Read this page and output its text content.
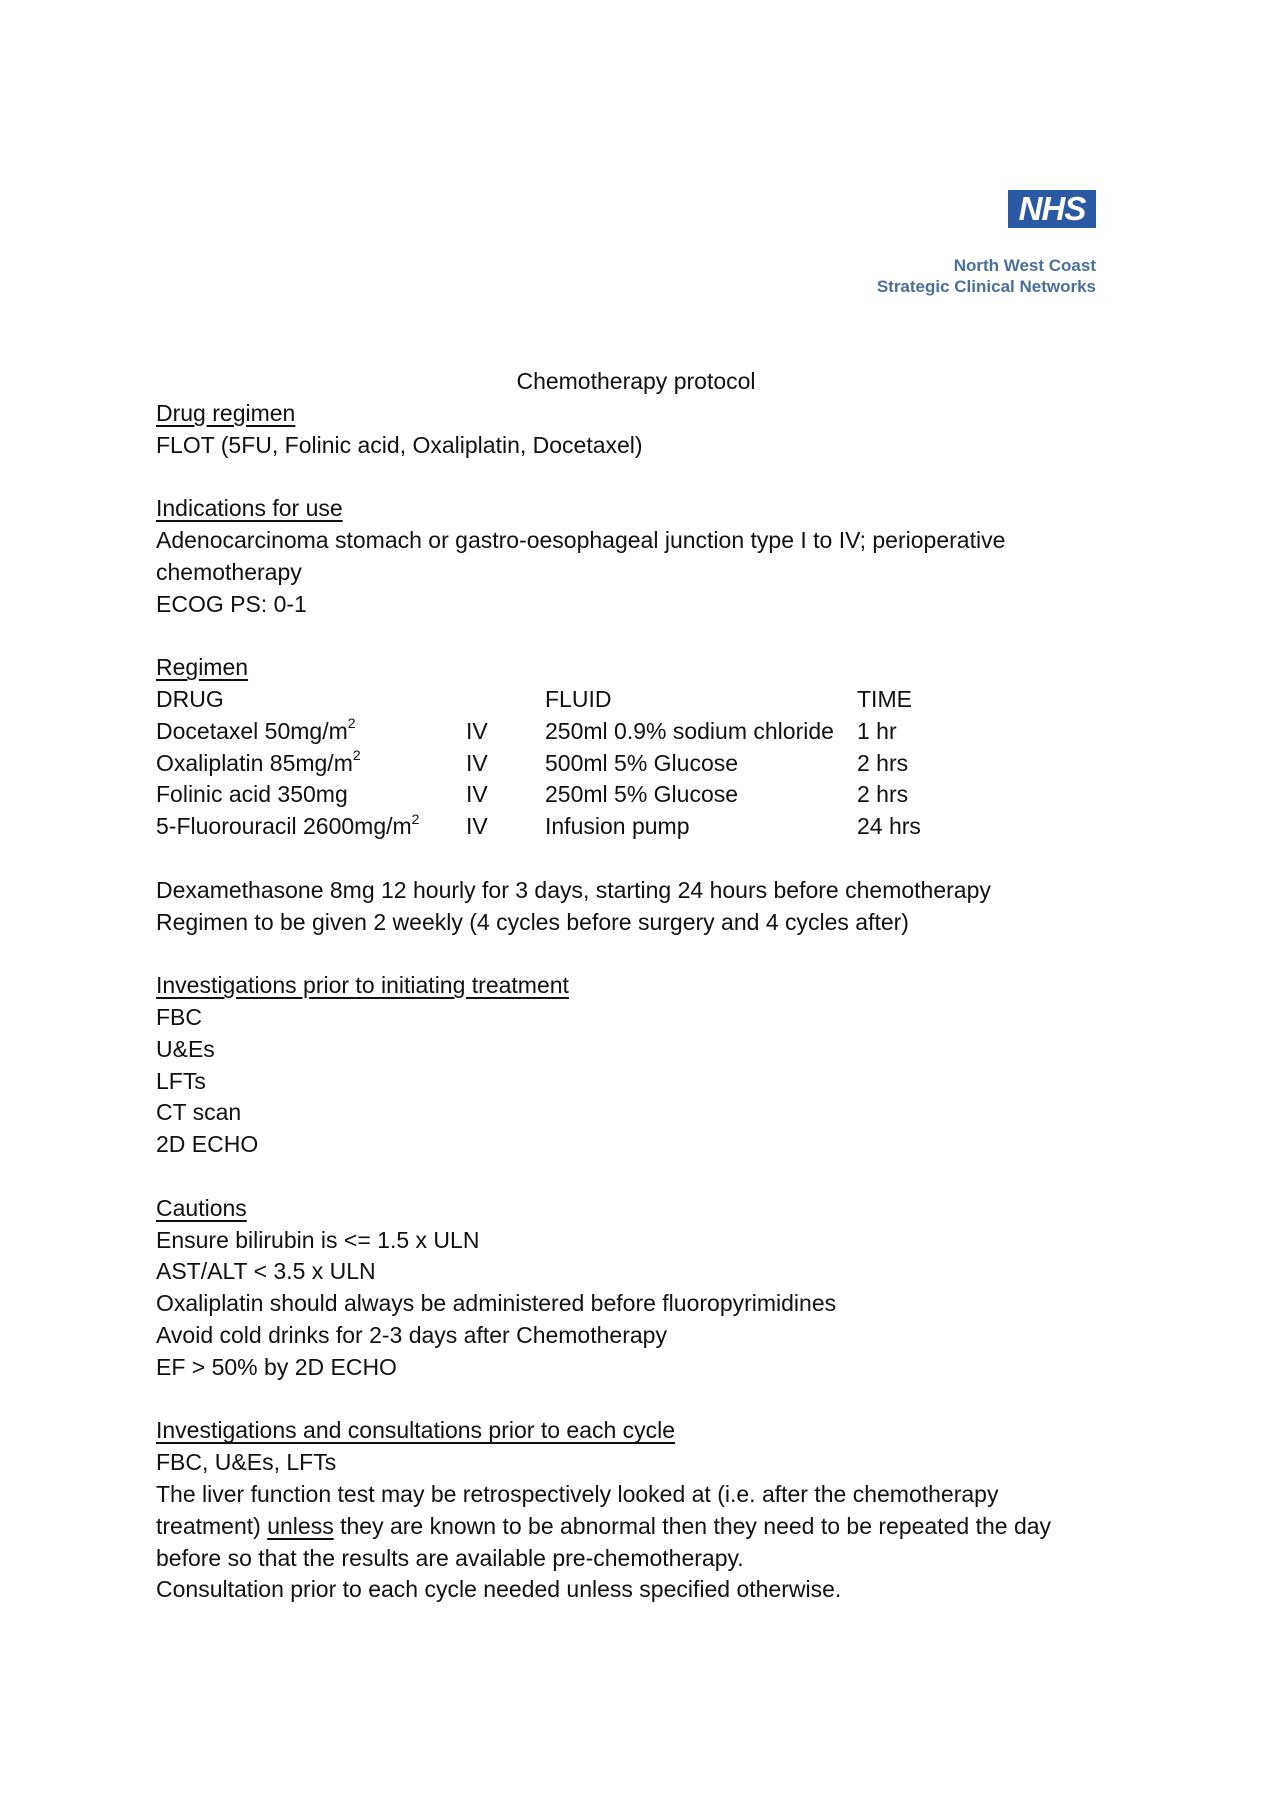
NHS
North West Coast
Strategic Clinical Networks
Chemotherapy protocol
Drug regimen
FLOT (5FU, Folinic acid, Oxaliplatin, Docetaxel)
Indications for use
Adenocarcinoma stomach or gastro-oesophageal junction type I to IV; perioperative
chemotherapy
ECOG PS: 0-1
Regimen
DRUG		FLUID	TIME
Docetaxel $50mg/m^2$	IV	250ml 0.9% sodium chloride	1 hr
Oxaliplatin $85mg/m^2$	IV	500ml 5% Glucose	2 hrs
Folinic acid 350mg	IV	250ml 5% Glucose	2 hrs
5-Fluorouracil $2600mg/m^2$	IV	Infusion pump	24 hrs
Dexamethasone 8mg 12 hourly for 3 days, starting 24 hours before chemotherapy
Regimen to be given 2 weekly (4 cycles before surgery and 4 cycles after)
Investigations prior to initiating treatment
FBC
U&Es
LFTs
CT scan
2D ECHO
Cautions
Ensure bilirubin is <= 1.5 x ULN
AST/ALT < 3.5 x ULN
Oxaliplatin should always be administered before fluoropyrimidines
Avoid cold drinks for 2-3 days after Chemotherapy
EF > 50% by 2D ECHO
Investigations and consultations prior to each cycle
FBC, U&Es, LFTs
The liver function test may be retrospectively looked at (i.e. after the chemotherapy
treatment) unless they are known to be abnormal then they need to be repeated the day
before so that the results are available pre-chemotherapy.
Consultation prior to each cycle needed unless specified otherwise.
